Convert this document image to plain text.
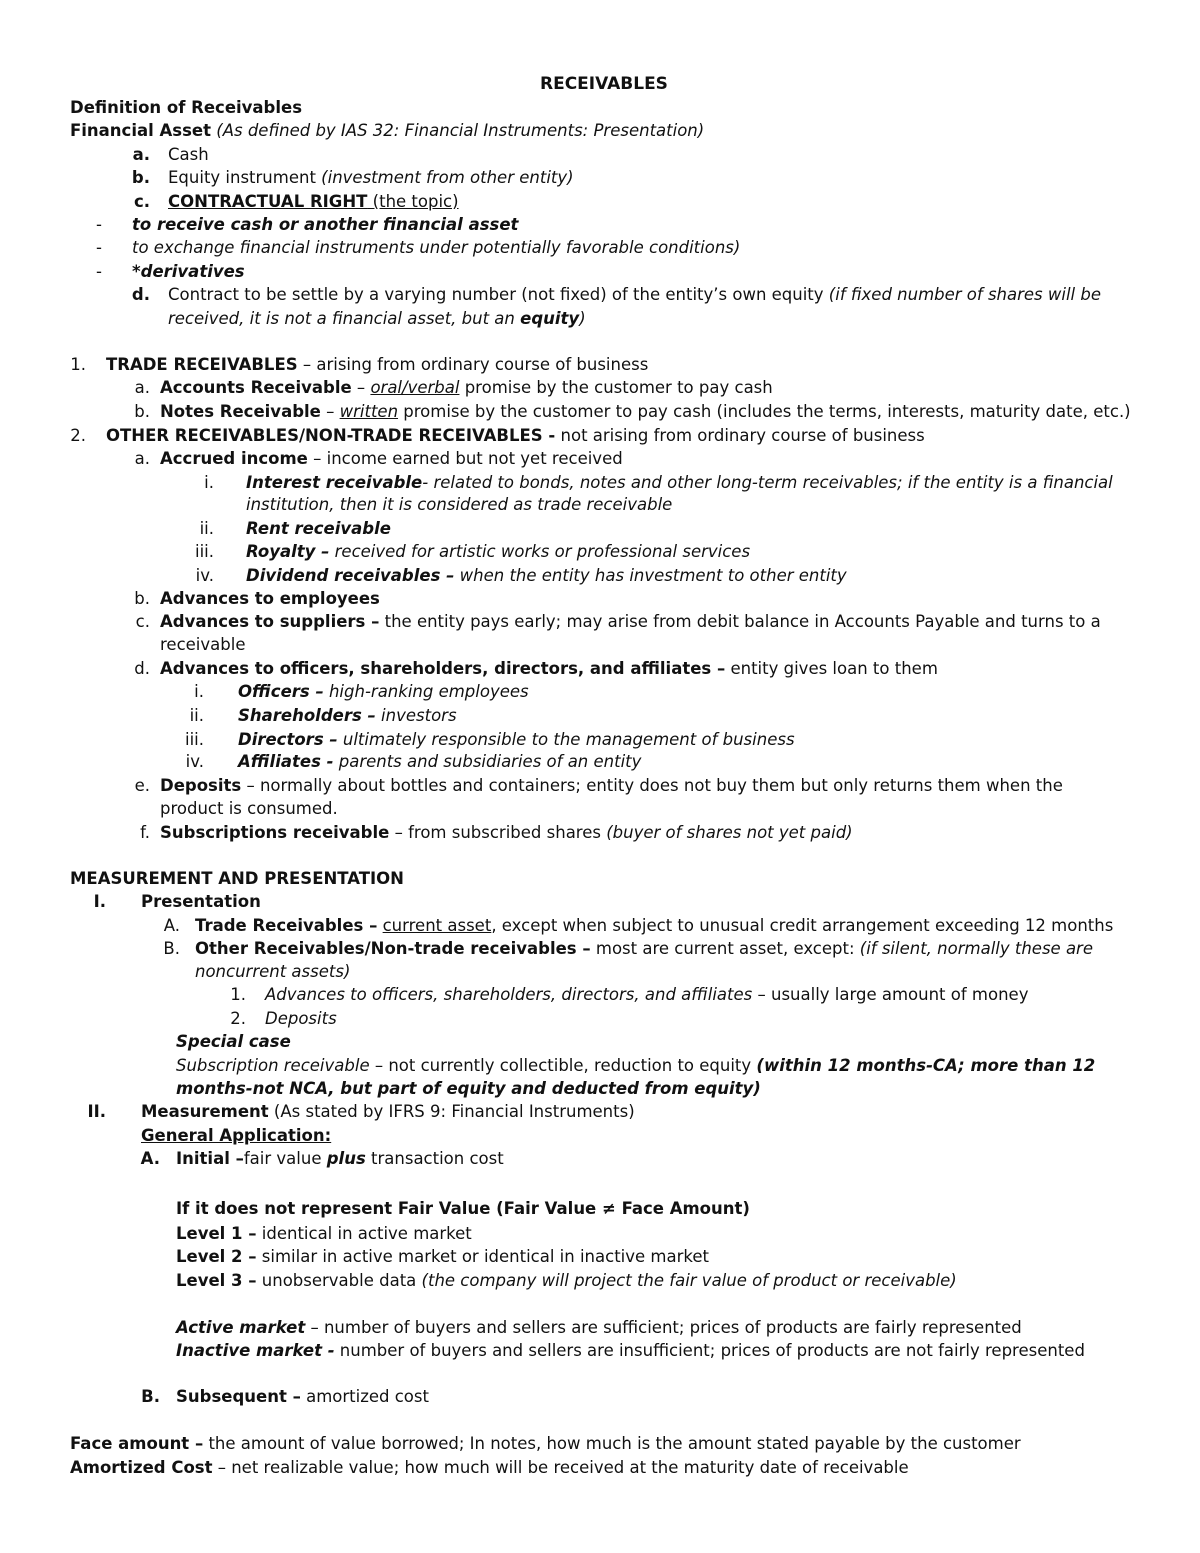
RECEIVABLES
Definition of Receivables
Financial Asset (As defined by IAS 32: Financial Instruments: Presentation)
a. Cash
b. Equity instrument (investment from other entity)
c. CONTRACTUAL RIGHT (the topic)
- to receive cash or another financial asset
- to exchange financial instruments under potentially favorable conditions)
- *derivatives
d. Contract to be settle by a varying number (not fixed) of the entity’s own equity (if fixed number of shares will be
received, it is not a financial asset, but an equity)
1. TRADE RECEIVABLES – arising from ordinary course of business
a. Accounts Receivable – oral/verbal promise by the customer to pay cash
b. Notes Receivable – written promise by the customer to pay cash (includes the terms, interests, maturity date, etc.)
2. OTHER RECEIVABLES/NON-TRADE RECEIVABLES - not arising from ordinary course of business
a. Accrued income – income earned but not yet received
i. Interest receivable- related to bonds, notes and other long-term receivables; if the entity is a financial
institution, then it is considered as trade receivable
ii. Rent receivable
iii. Royalty – received for artistic works or professional services
iv. Dividend receivables – when the entity has investment to other entity
b. Advances to employees
c. Advances to suppliers – the entity pays early; may arise from debit balance in Accounts Payable and turns to a
receivable
d. Advances to officers, shareholders, directors, and affiliates – entity gives loan to them
i. Officers – high-ranking employees
ii. Shareholders – investors
iii. Directors – ultimately responsible to the management of business
iv. Affiliates - parents and subsidiaries of an entity
e. Deposits – normally about bottles and containers; entity does not buy them but only returns them when the
product is consumed.
f. Subscriptions receivable – from subscribed shares (buyer of shares not yet paid)
MEASUREMENT AND PRESENTATION
I. Presentation
A. Trade Receivables – current asset, except when subject to unusual credit arrangement exceeding 12 months
B. Other Receivables/Non-trade receivables – most are current asset, except: (if silent, normally these are
noncurrent assets)
1. Advances to officers, shareholders, directors, and affiliates – usually large amount of money
2. Deposits
Special case
Subscription receivable – not currently collectible, reduction to equity (within 12 months-CA; more than 12
months-not NCA, but part of equity and deducted from equity)
II. Measurement (As stated by IFRS 9: Financial Instruments)
General Application:
A. Initial –fair value plus transaction cost
If it does not represent Fair Value (Fair Value ≠ Face Amount)
Level 1 – identical in active market
Level 2 – similar in active market or identical in inactive market
Level 3 – unobservable data (the company will project the fair value of product or receivable)
Active market – number of buyers and sellers are sufficient; prices of products are fairly represented
Inactive market - number of buyers and sellers are insufficient; prices of products are not fairly represented
B. Subsequent – amortized cost
Face amount – the amount of value borrowed; In notes, how much is the amount stated payable by the customer
Amortized Cost – net realizable value; how much will be received at the maturity date of receivable
